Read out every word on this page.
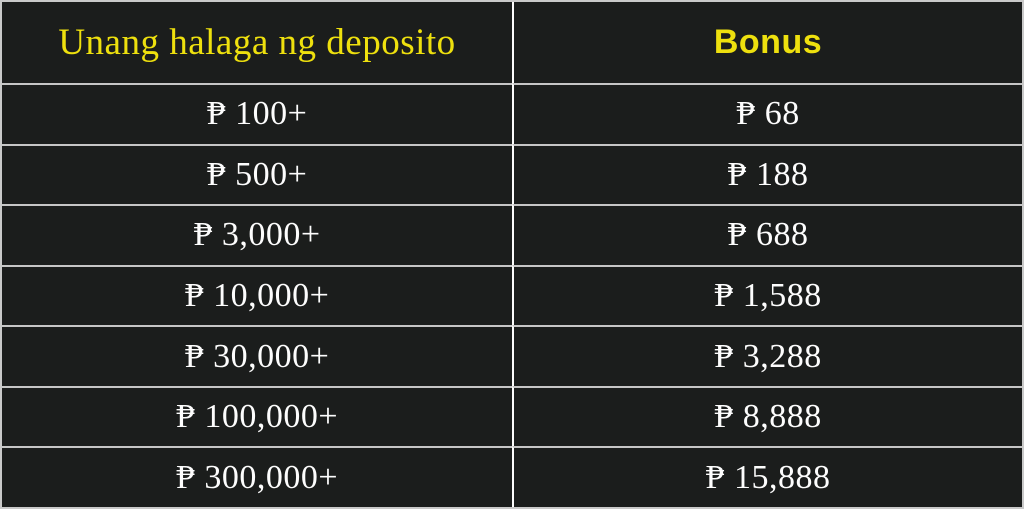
Unang halaga ng deposito	Bonus
₱ 100+	₱ 68
₱ 500+	₱ 188
₱ 3,000+	₱ 688
₱ 10,000+	₱ 1,588
₱ 30,000+	₱ 3,288
₱ 100,000+	₱ 8,888
₱ 300,000+	₱ 15,888
